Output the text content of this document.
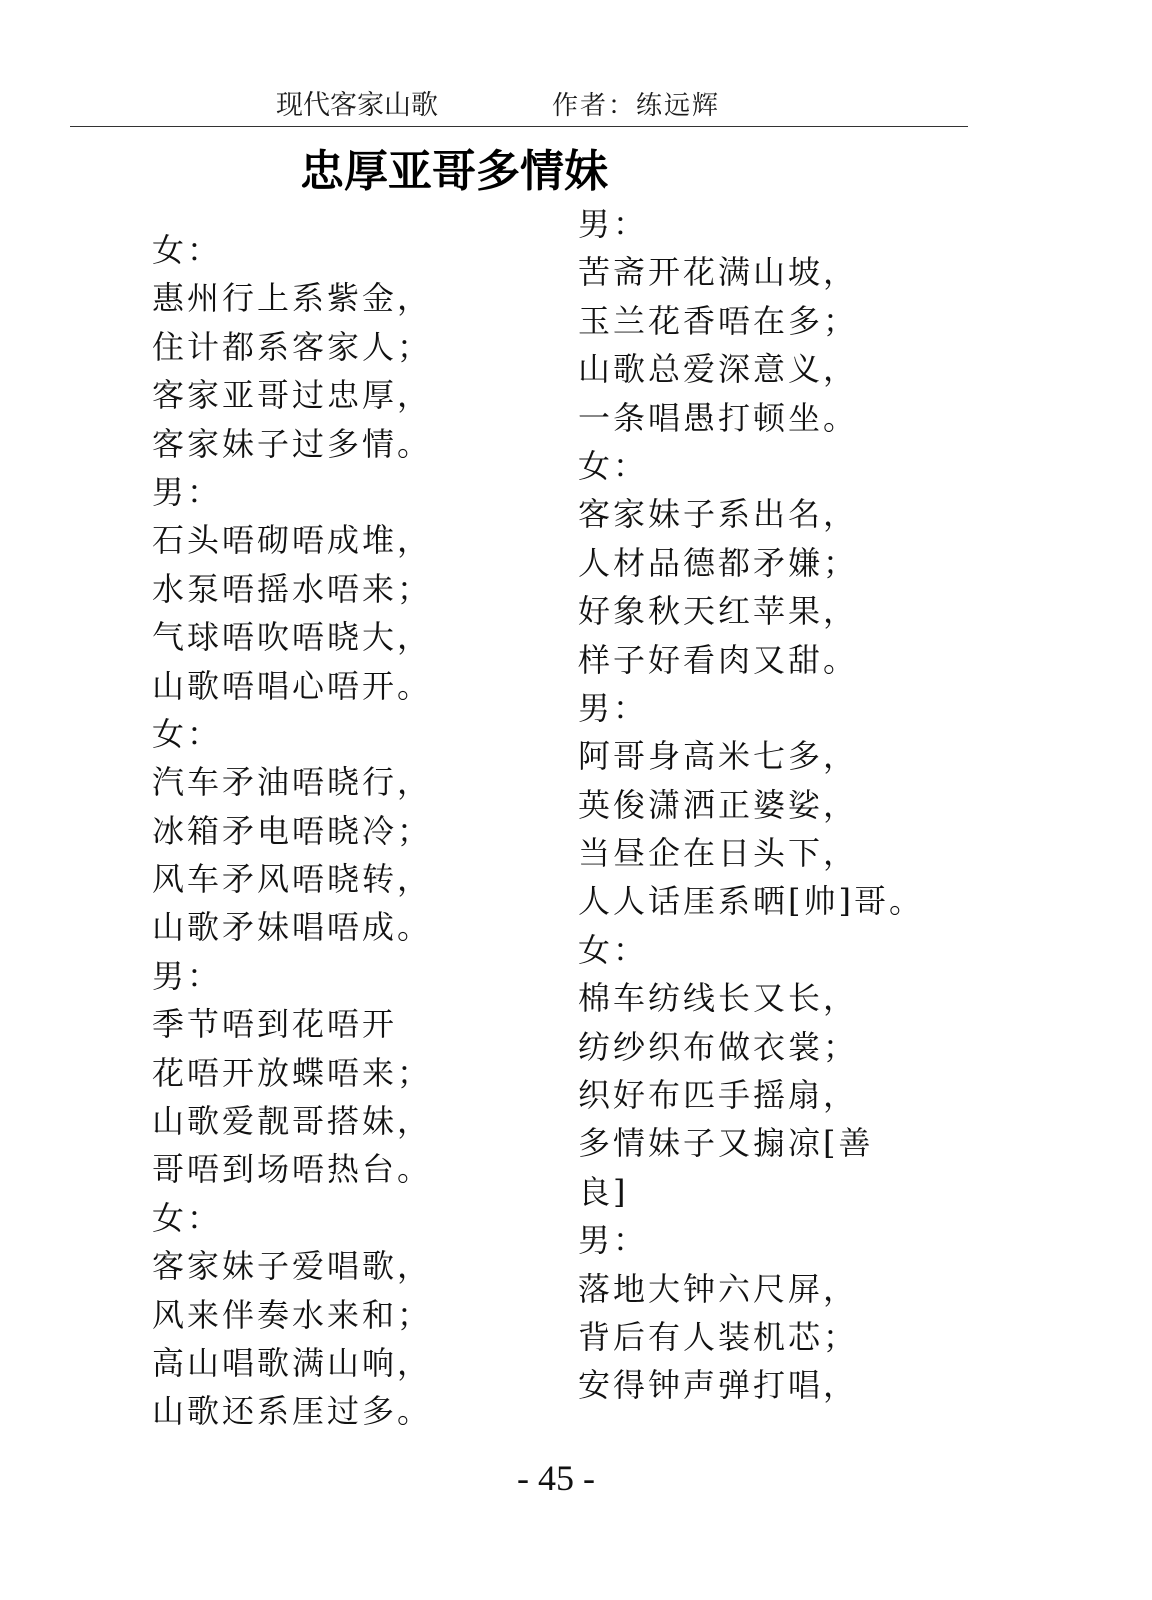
现代客家山歌	作者：练远辉
忠厚亚哥多情妹
女：
惠州行上系紫金，
住计都系客家人；
客家亚哥过忠厚，
客家妹子过多情。
男：
石头唔砌唔成堆，
水泵唔摇水唔来；
气球唔吹唔晓大，
山歌唔唱心唔开。
女：
汽车矛油唔晓行，
冰箱矛电唔晓冷；
风车矛风唔晓转，
山歌矛妹唱唔成。
男：
季节唔到花唔开
花唔开放蝶唔来；
山歌爱靓哥搭妹，
哥唔到场唔热台。
女：
客家妹子爱唱歌，
风来伴奏水来和；
高山唱歌满山响，
山歌还系厓过多。
男：
苦斋开花满山坡，
玉兰花香唔在多；
山歌总爱深意义，
一条唱愚打顿坐。
女：
客家妹子系出名，
人材品德都矛嫌；
好象秋天红苹果，
样子好看肉又甜。
男：
阿哥身高米七多，
英俊潇洒正婆娑，
当昼企在日头下，
人人话厓系晒[帅]哥。
女：
棉车纺线长又长，
纺纱织布做衣裳；
织好布匹手摇扇，
多情妹子又搧凉[善
良]
男：
落地大钟六尺屏，
背后有人装机芯；
安得钟声弹打唱，
- 45 -
